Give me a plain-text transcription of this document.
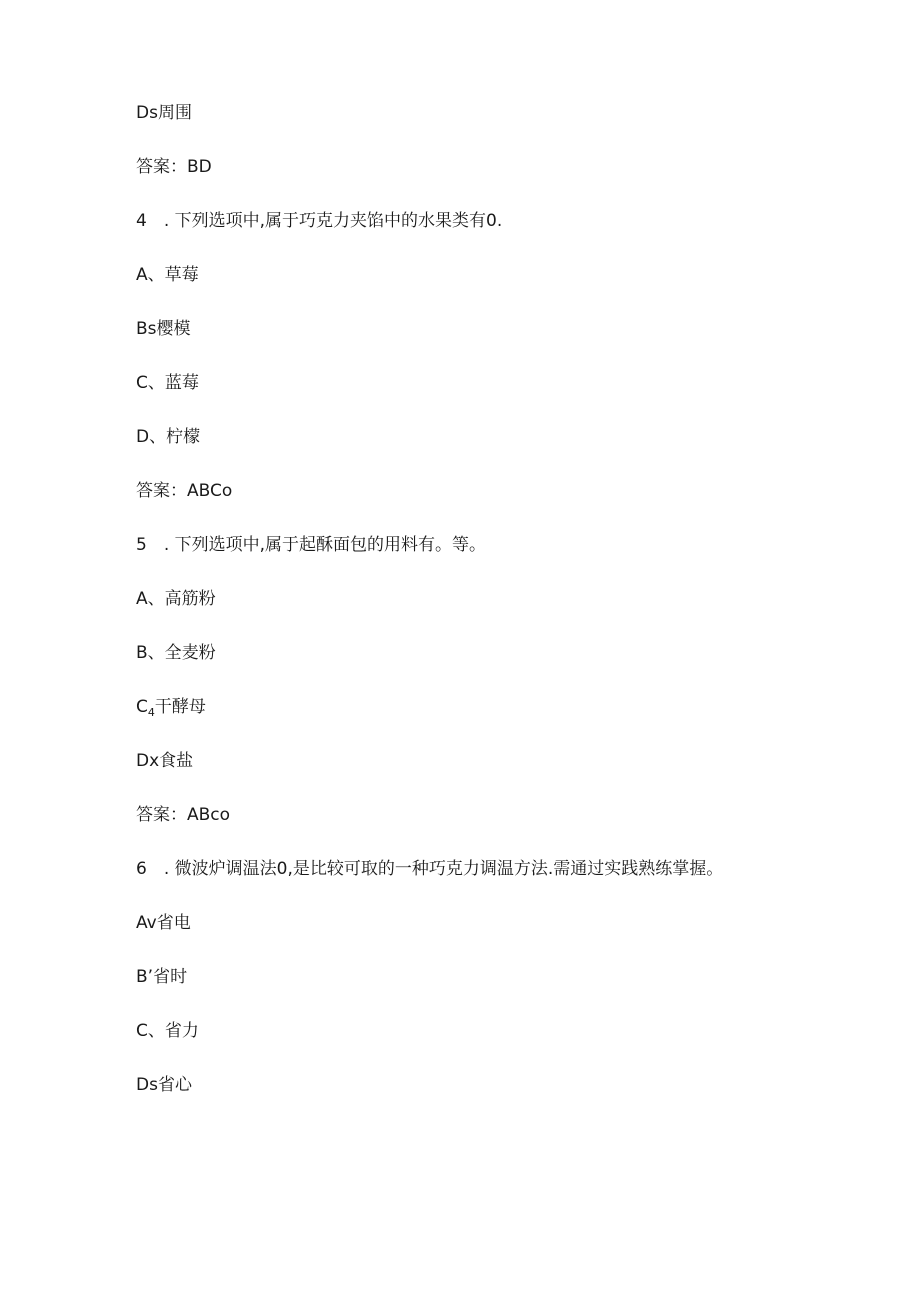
Ds周围
答案：BD
4　. 下列选项中,属于巧克力夹馅中的水果类有0.
A、草莓
Bs樱模
C、蓝莓
D、柠檬
答案：ABCo
5　. 下列选项中,属于起酥面包的用料有。等。
A、高筋粉
B、全麦粉
$C_4$干酵母
Dx食盐
答案：ABco
6　. 微波炉调温法0,是比较可取的一种巧克力调温方法.需通过实践熟练掌握。
Av省电
B’省时
C、省力
Ds省心
